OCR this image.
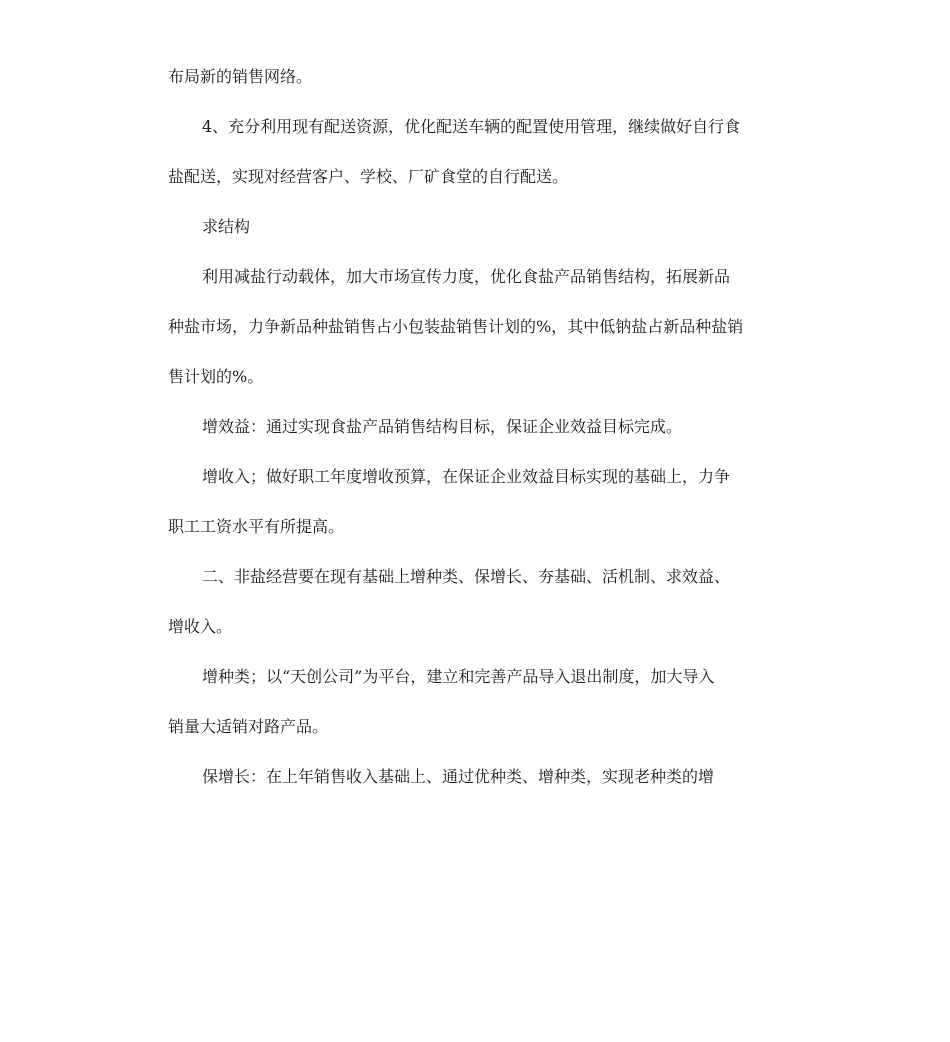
布局新的销售网络。
4、充分利用现有配送资源，优化配送车辆的配置使用管理，继续做好自行食
盐配送，实现对经营客户、学校、厂矿食堂的自行配送。
求结构
利用减盐行动载体，加大市场宣传力度，优化食盐产品销售结构，拓展新品
种盐市场，力争新品种盐销售占小包装盐销售计划的%，其中低钠盐占新品种盐销
售计划的%。
增效益：通过实现食盐产品销售结构目标，保证企业效益目标完成。
增收入；做好职工年度增收预算，在保证企业效益目标实现的基础上，力争
职工工资水平有所提高。
二、非盐经营要在现有基础上增种类、保增长、夯基础、活机制、求效益、
增收入。
增种类；以“天创公司”为平台，建立和完善产品导入退出制度，加大导入
销量大适销对路产品。
保增长：在上年销售收入基础上、通过优种类、增种类，实现老种类的增
